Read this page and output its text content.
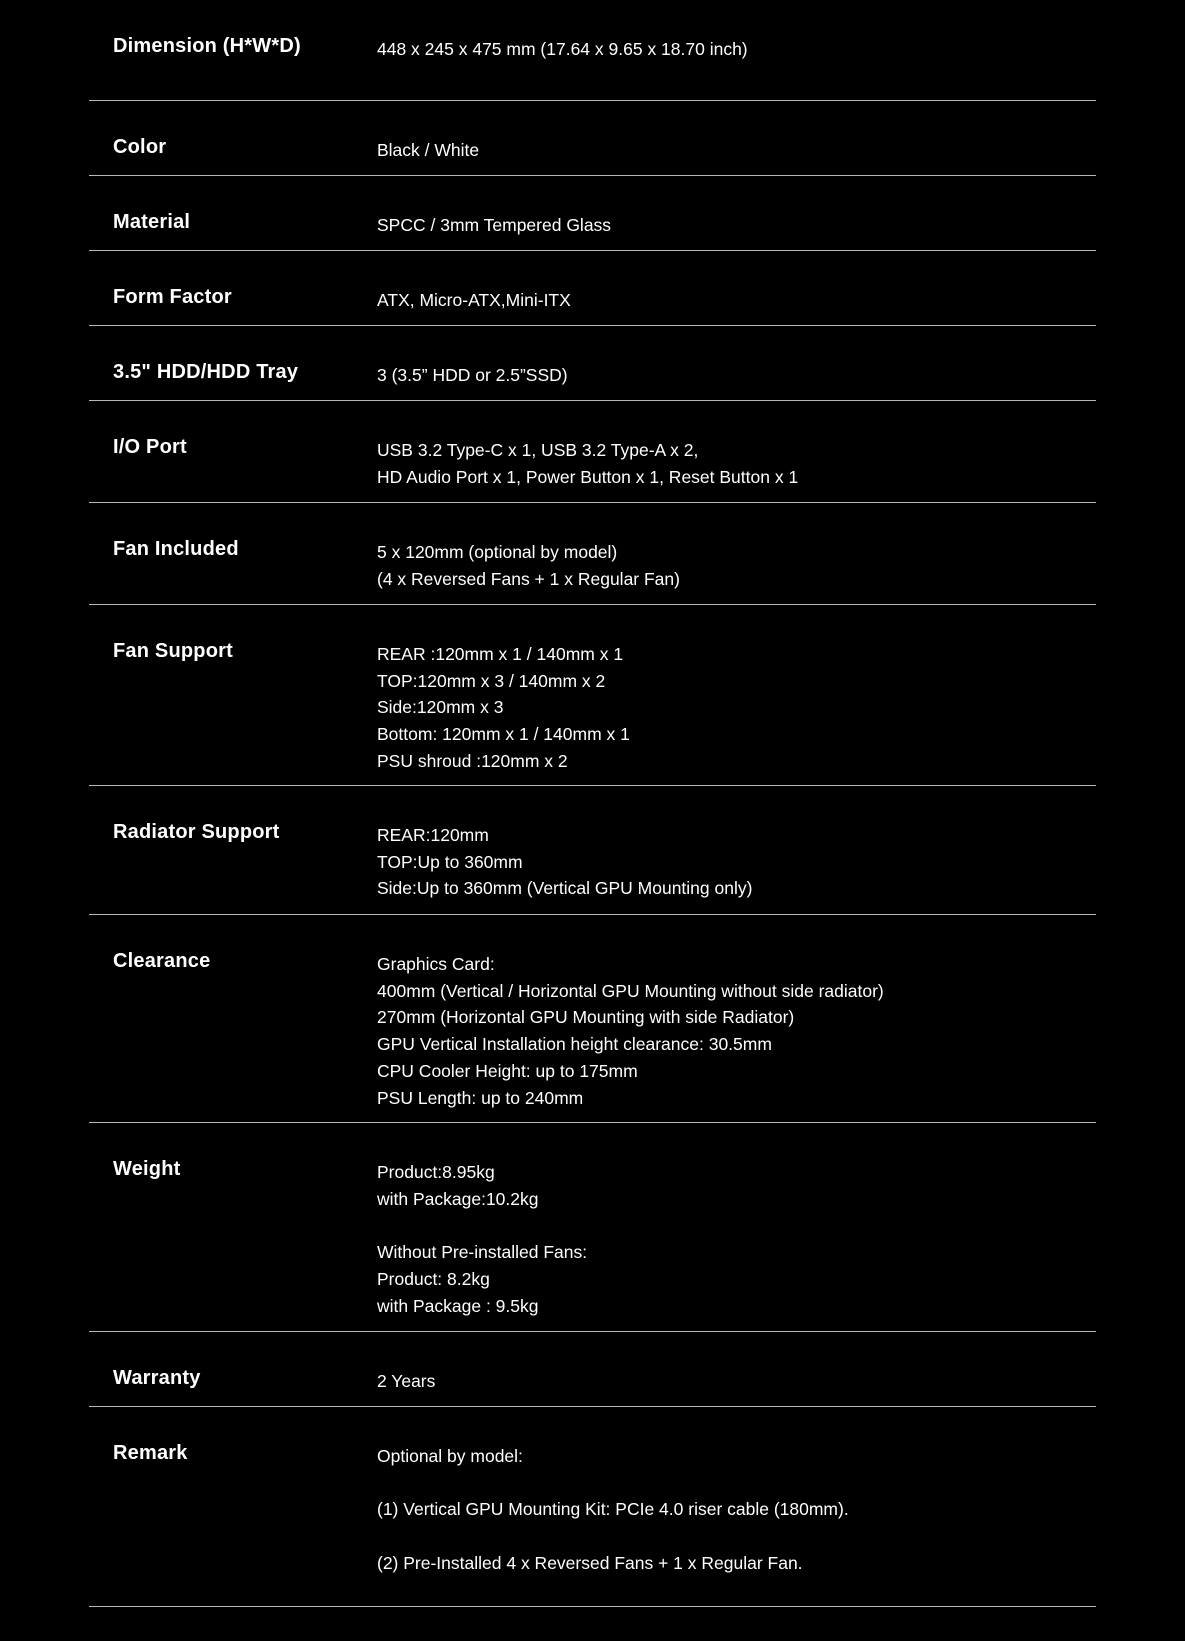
Dimension (H*W*D)	448 x 245 x 475 mm (17.64 x 9.65 x 18.70 inch)
Color	Black / White
Material	SPCC / 3mm Tempered Glass
Form Factor	ATX, Micro-ATX,Mini-ITX
3.5" HDD/HDD Tray	3 (3.5” HDD or 2.5”SSD)
I/O Port	USB 3.2 Type-C x 1, USB 3.2 Type-A x 2,
HD Audio Port x 1, Power Button x 1, Reset Button x 1
Fan Included	5 x 120mm (optional by model)
(4 x Reversed Fans + 1 x Regular Fan)
Fan Support	REAR :120mm x 1 / 140mm x 1
TOP:120mm x 3 / 140mm x 2
Side:120mm x 3
Bottom: 120mm x 1 / 140mm x 1
PSU shroud :120mm x 2
Radiator Support	REAR:120mm
TOP:Up to 360mm
Side:Up to 360mm (Vertical GPU Mounting only)
Clearance	Graphics Card:
400mm (Vertical / Horizontal GPU Mounting without side radiator)
270mm (Horizontal GPU Mounting with side Radiator)
GPU Vertical Installation height clearance: 30.5mm
CPU Cooler Height: up to 175mm
PSU Length: up to 240mm
Weight	Product:8.95kg
with Package:10.2kg
Without Pre-installed Fans:
Product: 8.2kg
with Package : 9.5kg
Warranty	2 Years
Remark	Optional by model:
(1) Vertical GPU Mounting Kit: PCIe 4.0 riser cable (180mm).
(2) Pre-Installed 4 x Reversed Fans + 1 x Regular Fan.
